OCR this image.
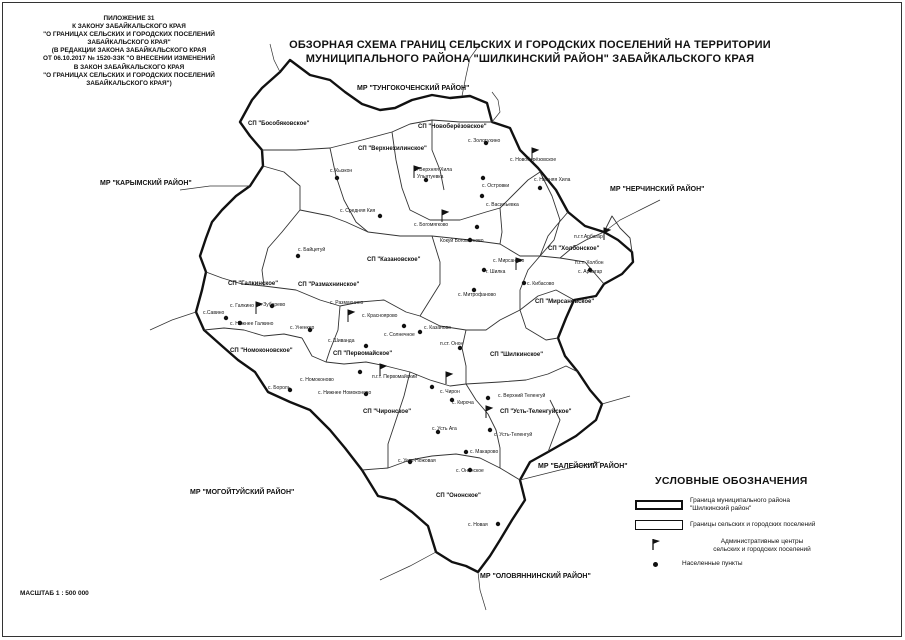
ПИЛОЖЕНИЕ 31
К ЗАКОНУ ЗАБАЙКАЛЬСКОГО КРАЯ
"О ГРАНИЦАХ СЕЛЬСКИХ И ГОРОДСКИХ ПОСЕЛЕНИЙ
ЗАБАЙКАЛЬСКОГО КРАЯ"
(В РЕДАКЦИИ ЗАКОНА ЗАБАЙКАЛЬСКОГО КРАЯ
ОТ 06.10.2017 № 1520-ЗЗК "О ВНЕСЕНИИ ИЗМЕНЕНИЙ
В ЗАКОН ЗАБАЙКАЛЬСКОГО КРАЯ
"О ГРАНИЦАХ СЕЛЬСКИХ И ГОРОДСКИХ ПОСЕЛЕНИЙ
ЗАБАЙКАЛЬСКОГО КРАЯ")
ОБЗОРНАЯ СХЕМА ГРАНИЦ СЕЛЬСКИХ И ГОРОДСКИХ ПОСЕЛЕНИЙ НА ТЕРРИТОРИИ
МУНИЦИПАЛЬНОГО РАЙОНА "ШИЛКИНСКИЙ РАЙОН" ЗАБАЙКАЛЬСКОГО КРАЯ
МР "ТУНГОКОЧЕНСКИЙ РАЙОН"
МР "КАРЫМСКИЙ РАЙОН"
МР "НЕРЧИНСКИЙ РАЙОН"
МР "БАЛЕЙСКИЙ РАЙОН"
МР "МОГОЙТУЙСКИЙ РАЙОН"
МР "ОЛОВЯННИНСКИЙ РАЙОН"
СП "Бособяковское"	СП "Новоберёзовское"
СП "Верхнехилинское"
СП "Казановское"
СП "Галкинское"	СП "Размахнинское"
СП "Холбонское"
СП "Мирсановское"
СП "Номоконовское"	СП "Первомайское"	СП "Шилкинское"
СП "Чиронское"	СП "Усть-Теленгуйское"
СП "Ононское"
с. Золотухино
с. Новоберёзовское
с. Верхняя Хила
Ульятуевка
с. Островки
с. Нижняя Хила
с. Васильевка
с. Кыэкон
с. Средняя Кия
с. Богомягково
Кокуй Богомягково
с. Байцетуй
п.г.т.Арбагар
п.г.т. Холбон
с. Арбагар
с. Мирсаново
г. Шилка
с. Кибасово
с. Митрофаново
с. Зубарево	с. Размахнино
с. Галкино
с.Савино
с. Нижнее Галкино
с. Уненкер
с. Красноярово
с. Казаново
с. Солнечное
с. Шиванда	п.ст. Онон
с. Номоконово	п.г.т. Первомайский
с. Бороль
с. Нижнее Номоконово	с. Чирон
с. Кироча
с. Верхний Теленгуй
с. Усть Ага
с. Усть-Теленгуй
с. Макарово
с. Усть-Ножовая
с. Ононское
с. Новая
УСЛОВНЫЕ ОБОЗНАЧЕНИЯ
Граница муниципального района
"Шилкинский район"
Границы сельских и городских поселений
Административные центры
сельских и городских поселений
Населенные пункты
МАСШТАБ 1 : 500 000
